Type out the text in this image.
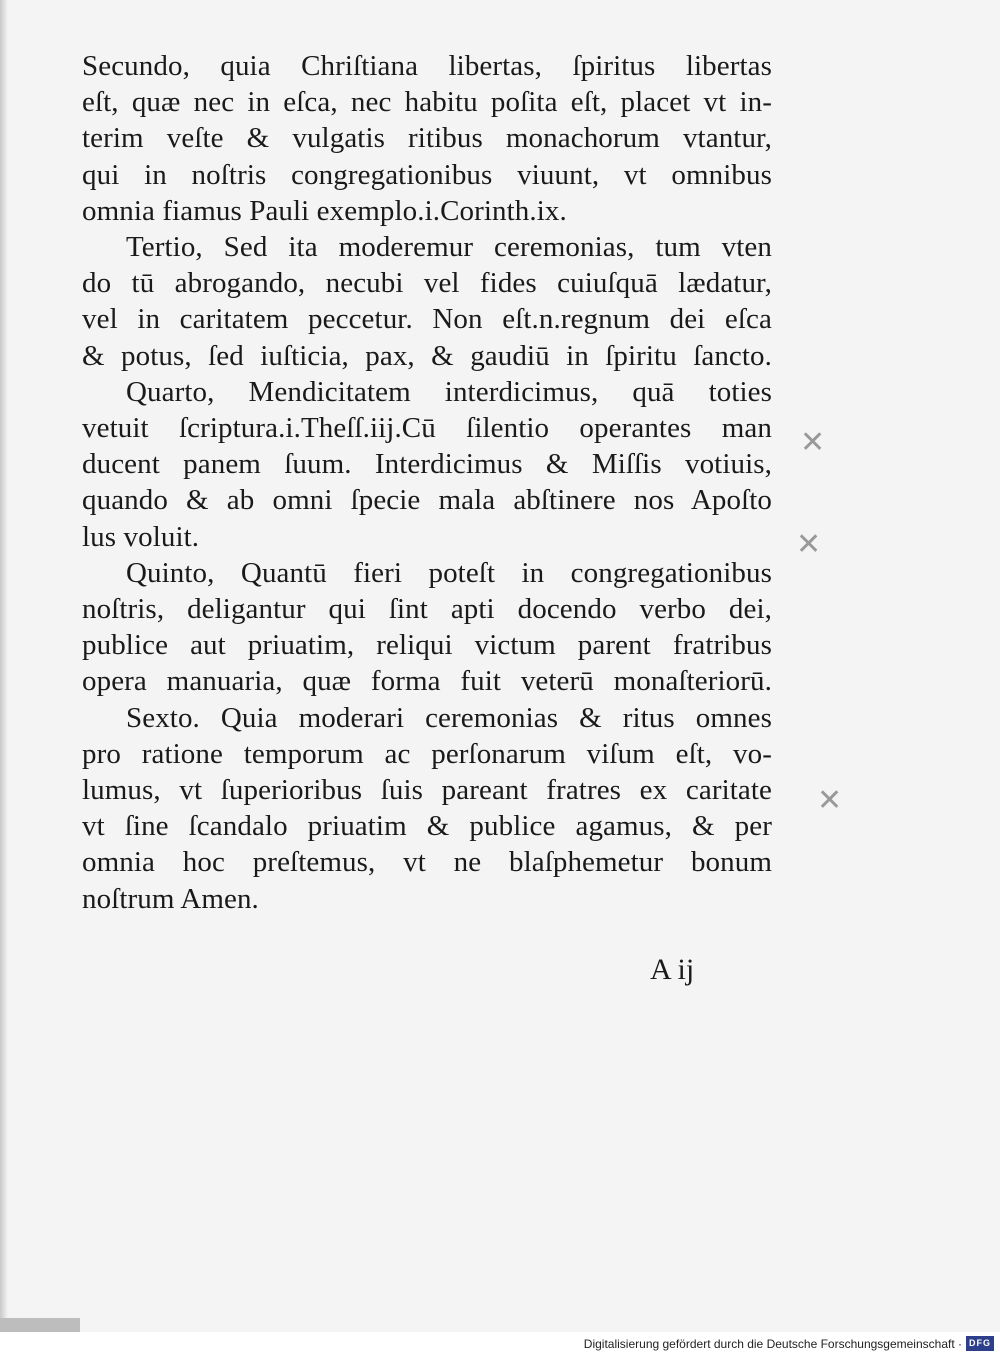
Secundo, quia Chriſtiana libertas, ſpiritus libertas
eſt, quæ nec in eſca, nec habitu poſita eſt, placet vt in-
terim veſte & vulgatis ritibus monachorum vtantur,
qui in noſtris congregationibus viuunt, vt omnibus
omnia fiamus Pauli exemplo.i.Corinth.ix.
Tertio, Sed ita moderemur ceremonias, tum vten
do tū abrogando, necubi vel fides cuiuſquā lædatur,
vel in caritatem peccetur. Non eſt.n.regnum dei eſca
& potus, ſed iuſticia, pax, & gaudiū in ſpiritu ſancto.
Quarto, Mendicitatem interdicimus, quā toties
vetuit ſcriptura.i.Theſſ.iij.Cū ſilentio operantes man
ducent panem ſuum. Interdicimus & Miſſis votiuis,
quando & ab omni ſpecie mala abſtinere nos Apoſto
lus voluit.
Quinto, Quantū fieri poteſt in congregationibus
noſtris, deligantur qui ſint apti docendo verbo dei,
publice aut priuatim, reliqui victum parent fratribus
opera manuaria, quæ forma fuit veterū monaſteriorū.
Sexto. Quia moderari ceremonias & ritus omnes
pro ratione temporum ac perſonarum viſum eſt, vo-
lumus, vt ſuperioribus ſuis pareant fratres ex caritate
vt ſine ſcandalo priuatim & publice agamus, & per
omnia hoc preſtemus, vt ne blaſphemetur bonum
noſtrum Amen.
A ij
✕
✕
✕
Digitalisierung gefördert durch die Deutsche Forschungsgemeinschaft · DFG
